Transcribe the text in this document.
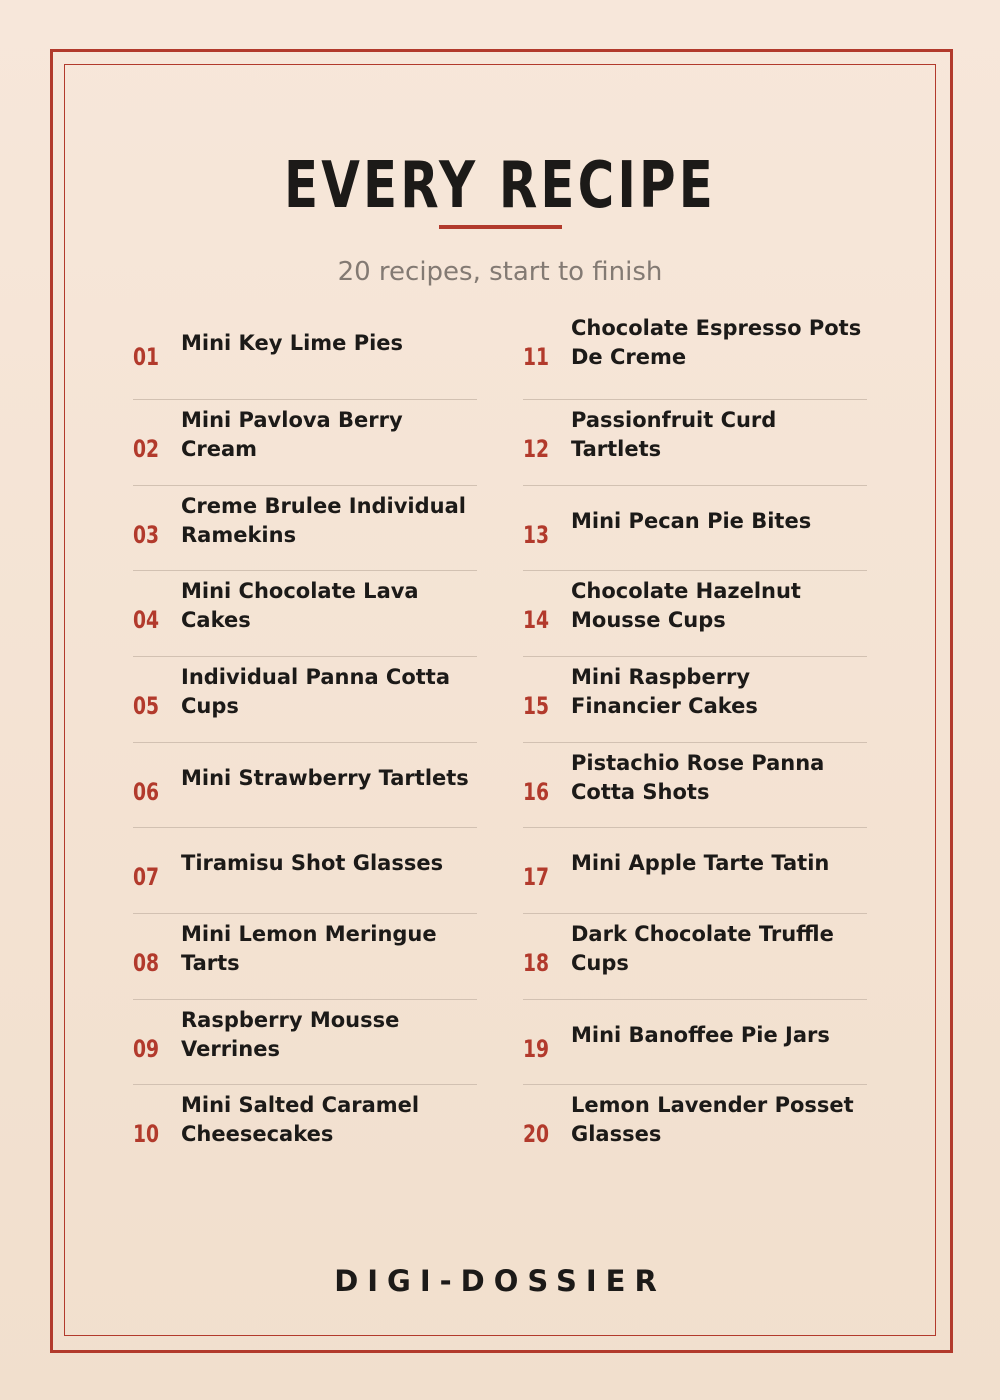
EVERY RECIPE
20 recipes, start to finish
01
Mini Key Lime Pies
02
Mini Pavlova Berry Cream
03
Creme Brulee Individual Ramekins
04
Mini Chocolate Lava Cakes
05
Individual Panna Cotta Cups
06
Mini Strawberry Tartlets
07
Tiramisu Shot Glasses
08
Mini Lemon Meringue Tarts
09
Raspberry Mousse Verrines
10
Mini Salted Caramel Cheesecakes
11
Chocolate Espresso Pots De Creme
12
Passionfruit Curd Tartlets
13
Mini Pecan Pie Bites
14
Chocolate Hazelnut Mousse Cups
15
Mini Raspberry Financier Cakes
16
Pistachio Rose Panna Cotta Shots
17
Mini Apple Tarte Tatin
18
Dark Chocolate Truffle Cups
19
Mini Banoffee Pie Jars
20
Lemon Lavender Posset Glasses
DIGI-DOSSIER
